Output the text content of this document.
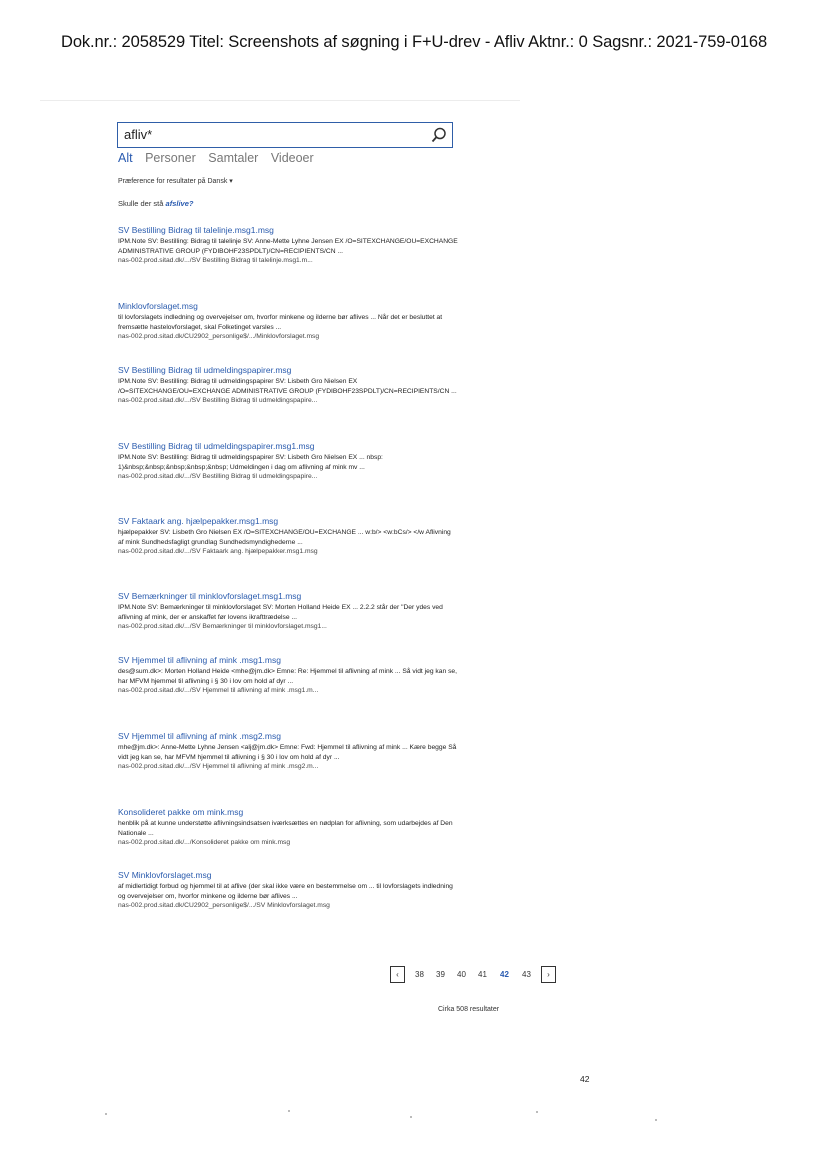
Dok.nr.: 2058529 Titel: Screenshots af søgning i F+U-drev - Afliv Aktnr.: 0 Sagsnr.: 2021-759-0168
afliv*
Alt Personer Samtaler Videoer
Præference for resultater på Dansk ▾
Skulle der stå afslive?
SV Bestilling Bidrag til talelinje.msg1.msg
IPM.Note SV: Bestilling: Bidrag til talelinje SV: Anne-Mette Lyhne Jensen EX /O=SITEXCHANGE/OU=EXCHANGE ADMINISTRATIVE GROUP (FYDIBOHF23SPDLT)/CN=RECIPIENTS/CN ...
nas-002.prod.sitad.dk/.../SV Bestilling Bidrag til talelinje.msg1.m...
Minklovforslaget.msg
til lovforslagets indledning og overvejelser om, hvorfor minkene og ilderne bør aflives ... Når det er besluttet at fremsætte hastelovforslaget, skal Folketinget varsles ...
nas-002.prod.sitad.dk/CU2902_personlige$/.../Minklovforslaget.msg
SV Bestilling Bidrag til udmeldingspapirer.msg
IPM.Note SV: Bestilling: Bidrag til udmeldingspapirer SV: Lisbeth Gro Nielsen EX /O=SITEXCHANGE/OU=EXCHANGE ADMINISTRATIVE GROUP (FYDIBOHF23SPDLT)/CN=RECIPIENTS/CN ...
nas-002.prod.sitad.dk/.../SV Bestilling Bidrag til udmeldingspapire...
SV Bestilling Bidrag til udmeldingspapirer.msg1.msg
IPM.Note SV: Bestilling: Bidrag til udmeldingspapirer SV: Lisbeth Gro Nielsen EX ... nbsp: 1)&nbsp;&nbsp;&nbsp;&nbsp;&nbsp; Udmeldingen i dag om aflivning af mink mv ...
nas-002.prod.sitad.dk/.../SV Bestilling Bidrag til udmeldingspapire...
SV Faktaark ang. hjælpepakker.msg1.msg
hjælpepakker SV: Lisbeth Gro Nielsen EX /O=SITEXCHANGE/OU=EXCHANGE ... w:b/> <w:bCs/> </w Aflivning af mink Sundhedsfagligt grundlag Sundhedsmyndighederne ...
nas-002.prod.sitad.dk/.../SV Faktaark ang. hjælpepakker.msg1.msg
SV Bemærkninger til minklovforslaget.msg1.msg
IPM.Note SV: Bemærkninger til minklovforslaget SV: Morten Holland Heide EX ... 2.2.2 står der "Der ydes ved aflivning af mink, der er anskaffet før lovens ikrafttrædelse ...
nas-002.prod.sitad.dk/.../SV Bemærkninger til minklovforslaget.msg1...
SV Hjemmel til aflivning af mink .msg1.msg
des@sum.dk>: Morten Holland Heide <mhe@jm.dk> Emne: Re: Hjemmel til aflivning af mink ... Så vidt jeg kan se, har MFVM hjemmel til aflivning i § 30 i lov om hold af dyr ...
nas-002.prod.sitad.dk/.../SV Hjemmel til aflivning af mink .msg1.m...
SV Hjemmel til aflivning af mink .msg2.msg
mhe@jm.dk>: Anne-Mette Lyhne Jensen <alj@jm.dk> Emne: Fwd: Hjemmel til aflivning af mink ... Kære begge Så vidt jeg kan se, har MFVM hjemmel til aflivning i § 30 i lov om hold af dyr ...
nas-002.prod.sitad.dk/.../SV Hjemmel til aflivning af mink .msg2.m...
Konsolideret pakke om mink.msg
henblik på at kunne understøtte aflivningsindsatsen iværksættes en nødplan for aflivning, som udarbejdes af Den Nationale ...
nas-002.prod.sitad.dk/.../Konsolideret pakke om mink.msg
SV Minklovforslaget.msg
af midlertidigt forbud og hjemmel til at aflive (der skal ikke være en bestemmelse om ... til lovforslagets indledning og overvejelser om, hvorfor minkene og ilderne bør aflives ...
nas-002.prod.sitad.dk/CU2902_personlige$/.../SV Minklovforslaget.msg
‹	38 39 40 41 42 43	›
Cirka 508 resultater
42
